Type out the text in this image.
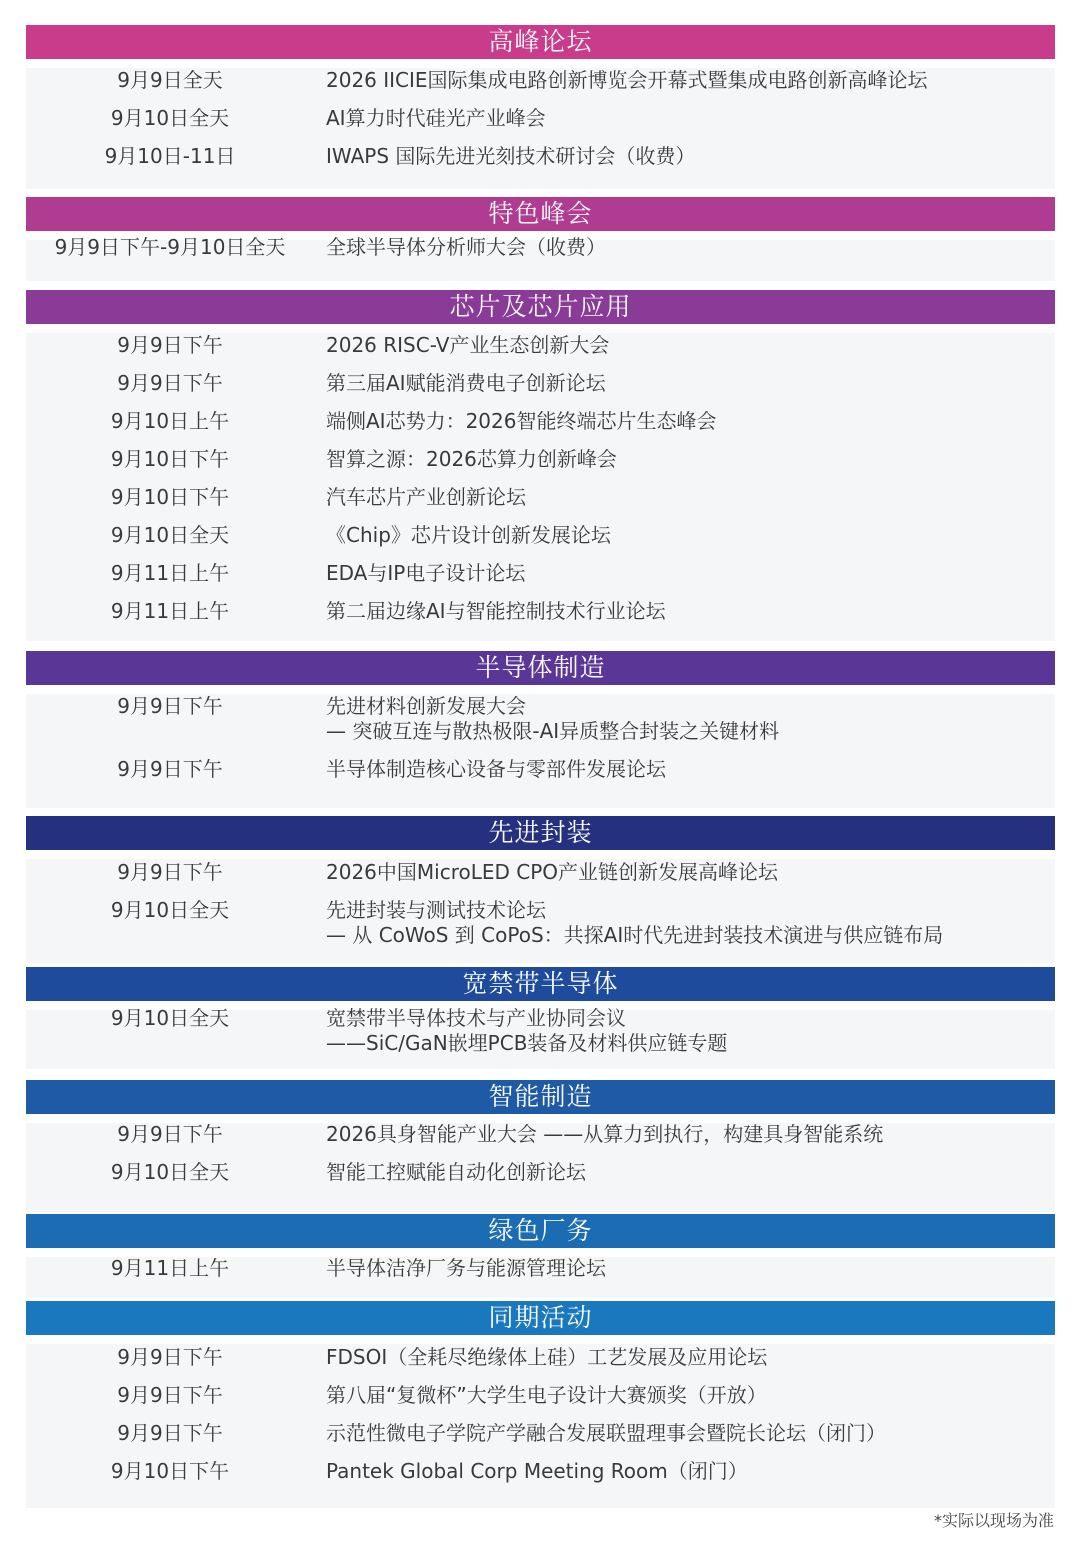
高峰论坛
9月9日全天	2026 IICIE国际集成电路创新博览会开幕式暨集成电路创新高峰论坛
9月10日全天	AI算力时代硅光产业峰会
9月10日-11日	IWAPS 国际先进光刻技术研讨会（收费）
特色峰会
9月9日下午-9月10日全天	全球半导体分析师大会（收费）
芯片及芯片应用
9月9日下午	2026 RISC-V产业生态创新大会
9月9日下午	第三届AI赋能消费电子创新论坛
9月10日上午	端侧AI芯势力：2026智能终端芯片生态峰会
9月10日下午	智算之源：2026芯算力创新峰会
9月10日下午	汽车芯片产业创新论坛
9月10日全天	《Chip》芯片设计创新发展论坛
9月11日上午	EDA与IP电子设计论坛
9月11日上午	第二届边缘AI与智能控制技术行业论坛
半导体制造
9月9日下午	先进材料创新发展大会
— 突破互连与散热极限-AI异质整合封装之关键材料
9月9日下午	半导体制造核心设备与零部件发展论坛
先进封装
9月9日下午	2026中国MicroLED CPO产业链创新发展高峰论坛
9月10日全天	先进封装与测试技术论坛
— 从 CoWoS 到 CoPoS：共探AI时代先进封装技术演进与供应链布局
宽禁带半导体
9月10日全天	宽禁带半导体技术与产业协同会议
——SiC/GaN嵌埋PCB装备及材料供应链专题
智能制造
9月9日下午	2026具身智能产业大会 ——从算力到执行，构建具身智能系统
9月10日全天	智能工控赋能自动化创新论坛
绿色厂务
9月11日上午	半导体洁净厂务与能源管理论坛
同期活动
9月9日下午	FDSOI（全耗尽绝缘体上硅）工艺发展及应用论坛
9月9日下午	第八届“复微杯”大学生电子设计大赛颁奖（开放）
9月9日下午	示范性微电子学院产学融合发展联盟理事会暨院长论坛（闭门）
9月10日下午	Pantek Global Corp Meeting Room（闭门）
*实际以现场为准
